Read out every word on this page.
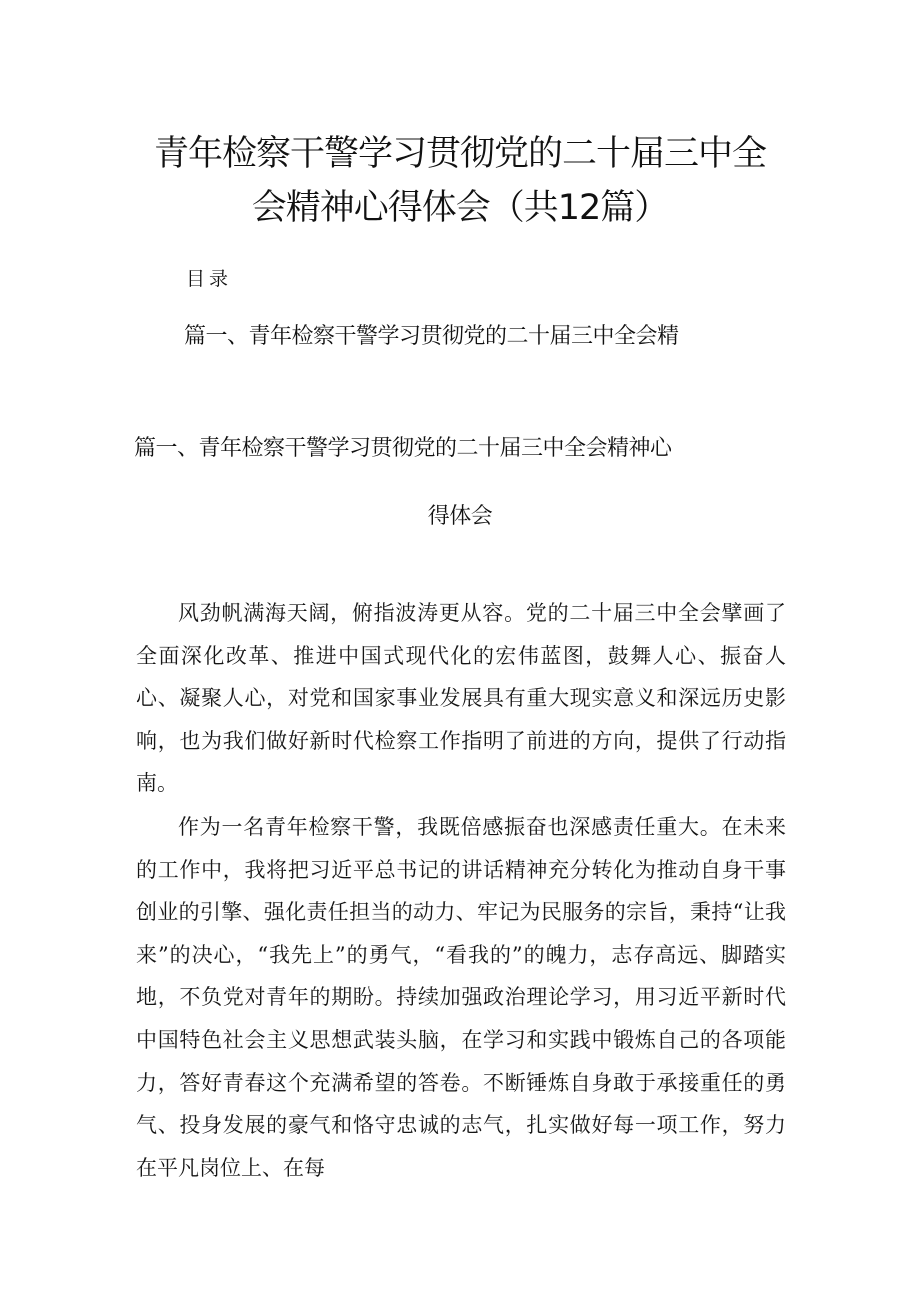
青年检察干警学习贯彻党的二十届三中全
会精神心得体会（共12篇）
目录
篇一、青年检察干警学习贯彻党的二十届三中全会精
篇一、青年检察干警学习贯彻党的二十届三中全会精神心
得体会

风劲帆满海天阔，俯指波涛更从容。党的二十届三中全会擘画了全面深化改革、推进中国式现代化的宏伟蓝图，鼓舞人心、振奋人心、凝聚人心，对党和国家事业发展具有重大现实意义和深远历史影响，也为我们做好新时代检察工作指明了前进的方向，提供了行动指南。

作为一名青年检察干警，我既倍感振奋也深感责任重大。在未来的工作中，我将把习近平总书记的讲话精神充分转化为推动自身干事创业的引擎、强化责任担当的动力、牢记为民服务的宗旨，秉持“让我来”的决心，“我先上”的勇气，“看我的”的魄力，志存高远、脚踏实地，不负党对青年的期盼。持续加强政治理论学习，用习近平新时代中国特色社会主义思想武装头脑，在学习和实践中锻炼自己的各项能力，答好青春这个充满希望的答卷。不断锤炼自身敢于承接重任的勇气、投身发展的豪气和恪守忠诚的志气，扎实做好每一项工作，努力在平凡岗位上、在每
